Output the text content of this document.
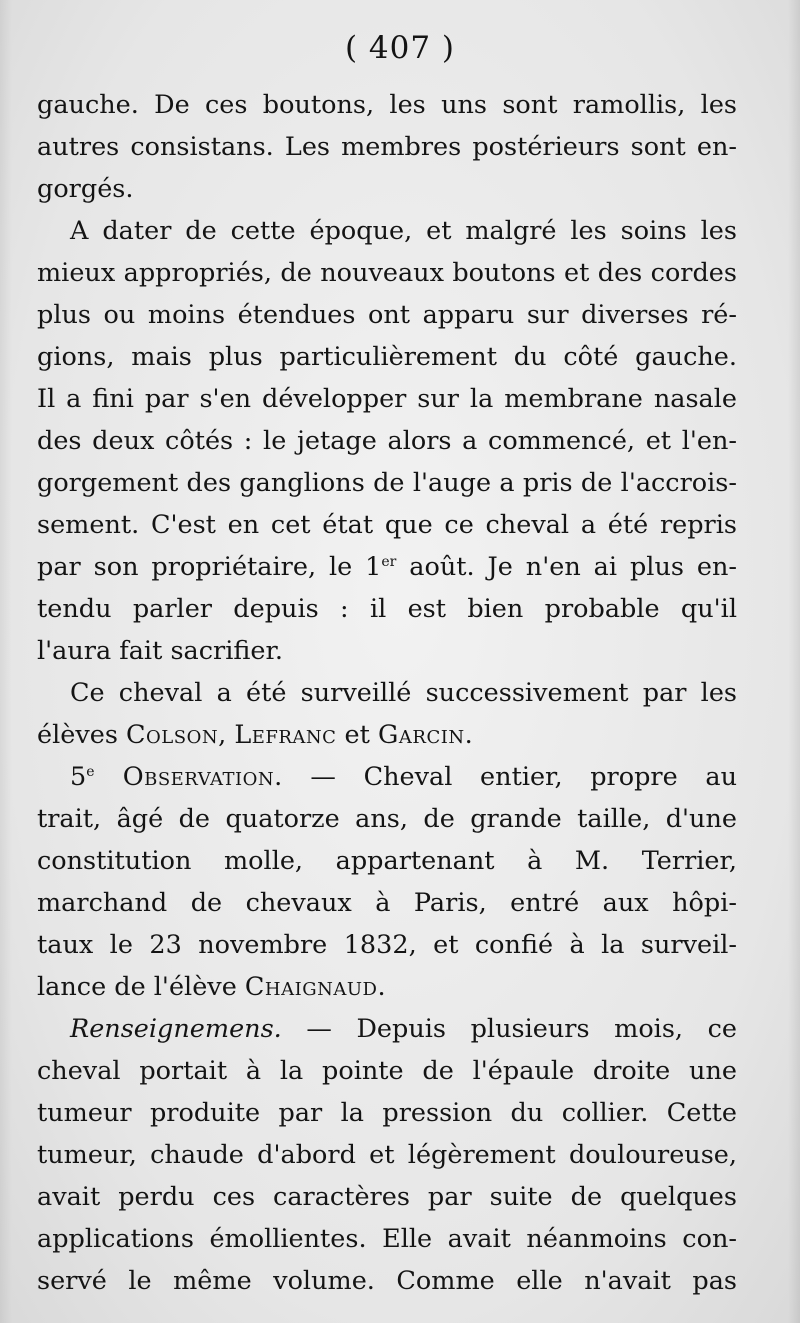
( 407 )
gauche. De ces boutons, les uns sont ramollis, les
autres consistans. Les membres postérieurs sont en-
gorgés.
A dater de cette époque, et malgré les soins les
mieux appropriés, de nouveaux boutons et des cordes
plus ou moins étendues ont apparu sur diverses ré-
gions, mais plus particulièrement du côté gauche.
Il a fini par s'en développer sur la membrane nasale
des deux côtés : le jetage alors a commencé, et l'en-
gorgement des ganglions de l'auge a pris de l'accrois-
sement. C'est en cet état que ce cheval a été repris
par son propriétaire, le 1er août. Je n'en ai plus en-
tendu parler depuis : il est bien probable qu'il
l'aura fait sacrifier.
Ce cheval a été surveillé successivement par les
élèves Colson, Lefranc et Garcin.
5e Observation. — Cheval entier, propre au
trait, âgé de quatorze ans, de grande taille, d'une
constitution molle, appartenant à M. Terrier,
marchand de chevaux à Paris, entré aux hôpi-
taux le 23 novembre 1832, et confié à la surveil-
lance de l'élève Chaignaud.
Renseignemens. — Depuis plusieurs mois, ce
cheval portait à la pointe de l'épaule droite une
tumeur produite par la pression du collier. Cette
tumeur, chaude d'abord et légèrement douloureuse,
avait perdu ces caractères par suite de quelques
applications émollientes. Elle avait néanmoins con-
servé le même volume. Comme elle n'avait pas
